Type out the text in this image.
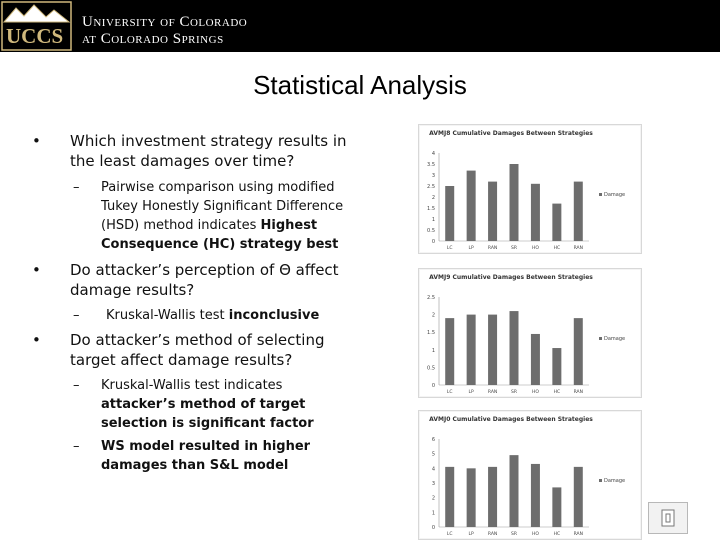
UCCS
University of Colorado
at Colorado Springs
Statistical Analysis
• Which investment strategy results in the least damages over time?
– Pairwise comparison using modified Tukey Honestly Significant Difference (HSD) method indicates Highest Consequence (HC) strategy best
• Do attacker’s perception of Θ affect damage results?
– Kruskal-Wallis test inconclusive
• Do attacker’s method of selecting target affect damage results?
– Kruskal-Wallis test indicates attacker’s method of target selection is significant factor
– WS model resulted in higher damages than S&L model
AVMJ8 Cumulative Damages Between Strategies
4
3.5
3
2.5
2
1.5
1
0.5
0
LC	LP	RAN	SR	HO	HC	RAN
Damage
AVMJ9 Cumulative Damages Between Strategies
2.5
2
1.5
1
0.5
0
LC	LP	RAN	SR	HO	HC	RAN
Damage
AVMJ0 Cumulative Damages Between Strategies
6
5
4
3
2
1
0
LC	LP	RAN	SR	HO	HC	RAN
Damage
